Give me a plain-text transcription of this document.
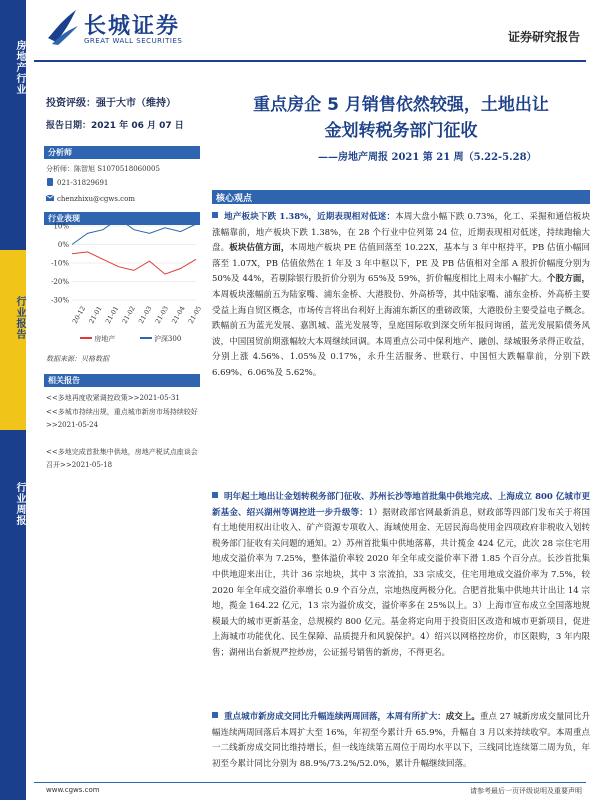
房地产行业
行业报告
行业周报
长城证券
GREAT WALL SECURITIES	证券研究报告
投资评级：强于大市（维持）
报告日期：2021 年 06 月 07 日
分析师
分析师：陈智旭 S1070518060005
021-31829691
chenzhixu@cgws.com
行业表现
10%
0%
-10%
-20%
-30%
20-12 21-01 21-01 21-02 21-03 21-03 21-04 21-05
房地产	沪深300
数据来源：贝格数据
相关报告
<<多地再度收紧调控政策>>2021-05-31
<<多城市持续出规，重点城市新房市场持续较好>>2021-05-24
<<多地完成首批集中供地，房地产税试点座谈会召开>>2021-05-18
重点房企 5 月销售依然较强，土地出让
金划转税务部门征收
——房地产周报 2021 第 21 周（5.22-5.28）
核心观点
地产板块下跌 1.38%，近期表现相对低迷：本周大盘小幅下跌 0.73%，化工、采掘和通信板块涨幅靠前，地产板块下跌 1.38%，在 28 个行业中位列第 24 位，近期表现相对低迷，持续跑输大盘。板块估值方面，本周地产板块 PE 估值回落至 10.22X，基本与 3 年中枢持平，PB 估值小幅回落至 1.07X，PB 估值依然在 1 年及 3 年中枢以下，PE 及 PB 估值相对全部 A 股折价幅度分别为 50%及 44%，若剔除银行股折价分别为 65%及 59%，折价幅度相比上周未小幅扩大。个股方面，本周板块涨幅前五为陆家嘴、浦东金桥、大港股份、外高桥等，其中陆家嘴、浦东金桥、外高桥主要受益上海自贸区概念，市场传言将出台利好上海浦东新区的重磅政策，大港股份主要受益电子概念。跌幅前五为蓝光发展、嘉凯城、蓝光发展等，皇庭国际收到深交所年报问询函，蓝光发展陷债务风波，中国国贸前期涨幅较大本周继续回调。本周重点公司中保利地产、融创、绿城服务录得正收益，分别上涨 4.56%、1.05%及 0.17%，永升生活服务、世联行、中国恒大跌幅靠前，分别下跌 6.69%、6.06%及 5.62%。
明年起土地出让金划转税务部门征收、苏州长沙等地首批集中供地完成、上海成立 800 亿城市更新基金、绍兴湖州等调控进一步升级等：1）据财政部官网最新消息，财政部等四部门发布关于将国有土地使用权出让收入、矿产资源专项收入、海域使用金、无居民海岛使用金四项政府非税收入划转税务部门征收有关问题的通知。2）苏州首批集中供地落幕，共计揽金 424 亿元，此次 28 宗住宅用地成交溢价率为 7.25%，整体溢价率较 2020 年全年成交溢价率下滑 1.85 个百分点。长沙首批集中供地迎来出让，共计 36 宗地块，其中 3 宗流拍，33 宗成交，住宅用地成交溢价率为 7.5%，较 2020 年全年成交溢价率增长 0.9 个百分点，宗地热度两极分化。合肥首批集中供地共计出让 14 宗地，揽金 164.22 亿元，13 宗为溢价成交，溢价率多在 25%以上。3）上海市宣布成立全国落地规模最大的城市更新基金，总规模约 800 亿元。基金将定向用于投资旧区改造和城市更新项目，促进上海城市功能优化、民生保障、品质提升和风貌保护。4）绍兴以网格控房价，市区限购，3 年内限售；湖州出台新规严控炒房，公证摇号销售的新房，不得更名。
重点城市新房成交同比升幅连续两周回落，本周有所扩大：成交上。重点 27 城新房成交量同比升幅连续两周回落后本周扩大至 16%，年初至今累计升 65.9%，升幅自 3 月以来持续收窄。本周重点一二线新房成交同比维持增长，但一线连续第五周位于周均水平以下，三线同比连续第二周为负，年初至今累计同比分别为 88.9%/73.2%/52.0%，累计升幅继续回落。
www.cgws.com	请参考最后一页评级说明及重要声明
